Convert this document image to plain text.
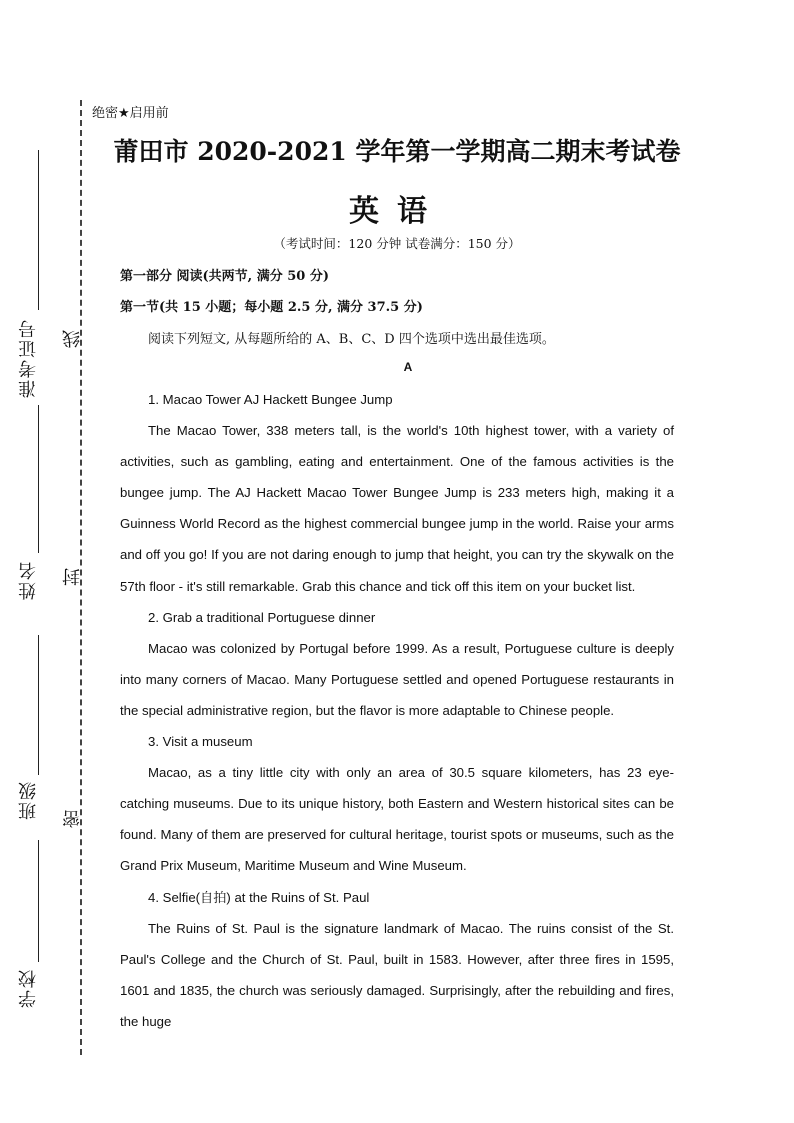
准考证号
姓名
班级
学校
线
封
密
绝密★启用前
莆田市 2020-2021 学年第一学期高二期末考试卷
英语
（考试时间：120 分钟 试卷满分：150 分）
第一部分 阅读(共两节, 满分 50 分)
第一节(共 15 小题；每小题 2.5 分, 满分 37.5 分)
阅读下列短文, 从每题所给的 A、B、C、D 四个选项中选出最佳选项。
A

1. Macao Tower AJ Hackett Bungee Jump

The Macao Tower, 338 meters tall, is the world's 10th highest tower, with a variety of activities, such as gambling, eating and entertainment. One of the famous activities is the bungee jump. The AJ Hackett Macao Tower Bungee Jump is 233 meters high, making it a Guinness World Record as the highest commercial bungee jump in the world. Raise your arms and off you go! If you are not daring enough to jump that height, you can try the skywalk on the 57th floor - it's still remarkable. Grab this chance and tick off this item on your bucket list.

2. Grab a traditional Portuguese dinner

Macao was colonized by Portugal before 1999. As a result, Portuguese culture is deeply into many corners of Macao. Many Portuguese settled and opened Portuguese restaurants in the special administrative region, but the flavor is more adaptable to Chinese people.

3. Visit a museum

Macao, as a tiny little city with only an area of 30.5 square kilometers, has 23 eye-catching museums. Due to its unique history, both Eastern and Western historical sites can be found. Many of them are preserved for cultural heritage, tourist spots or museums, such as the Grand Prix Museum, Maritime Museum and Wine Museum.

4. Selfie(自拍) at the Ruins of St. Paul

The Ruins of St. Paul is the signature landmark of Macao. The ruins consist of the St. Paul's College and the Church of St. Paul, built in 1583. However, after three fires in 1595, 1601 and 1835, the church was seriously damaged. Surprisingly, after the rebuilding and fires, the huge
